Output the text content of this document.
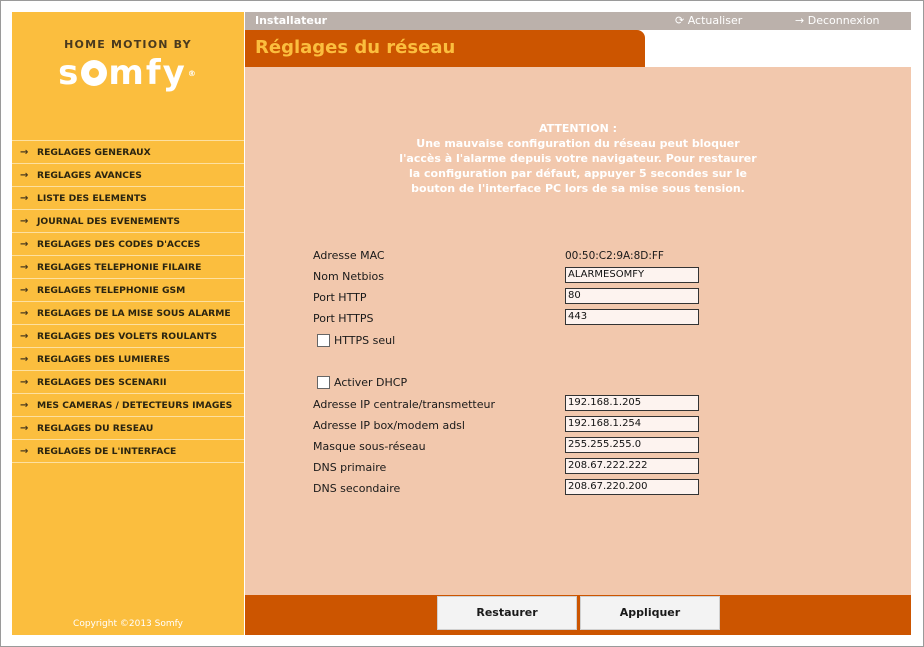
HOME MOTION BY
s mfy ®
→ REGLAGES GENERAUX
→ REGLAGES AVANCES
→ LISTE DES ELEMENTS
→ JOURNAL DES EVENEMENTS
→ REGLAGES DES CODES D'ACCES
→ REGLAGES TELEPHONIE FILAIRE
→ REGLAGES TELEPHONIE GSM
→ REGLAGES DE LA MISE SOUS ALARME
→ REGLAGES DES VOLETS ROULANTS
→ REGLAGES DES LUMIERES
→ REGLAGES DES SCENARII
→ MES CAMERAS / DETECTEURS IMAGES
→ REGLAGES DU RESEAU
→ REGLAGES DE L'INTERFACE
Copyright ©2013 Somfy
Installateur	⟳ Actualiser	→ Deconnexion
Réglages du réseau
ATTENTION :
Une mauvaise configuration du réseau peut bloquer l'accès à l'alarme depuis votre navigateur. Pour restaurer la configuration par défaut, appuyer 5 secondes sur le bouton de l'interface PC lors de sa mise sous tension.
Adresse MAC	00:50:C2:9A:8D:FF
Nom Netbios	ALARMESOMFY
Port HTTP	80
Port HTTPS	443
HTTPS seul
Activer DHCP
Adresse IP centrale/transmetteur	192.168.1.205
Adresse IP box/modem adsl	192.168.1.254
Masque sous-réseau	255.255.255.0
DNS primaire	208.67.222.222
DNS secondaire	208.67.220.200
Restaurer	Appliquer
